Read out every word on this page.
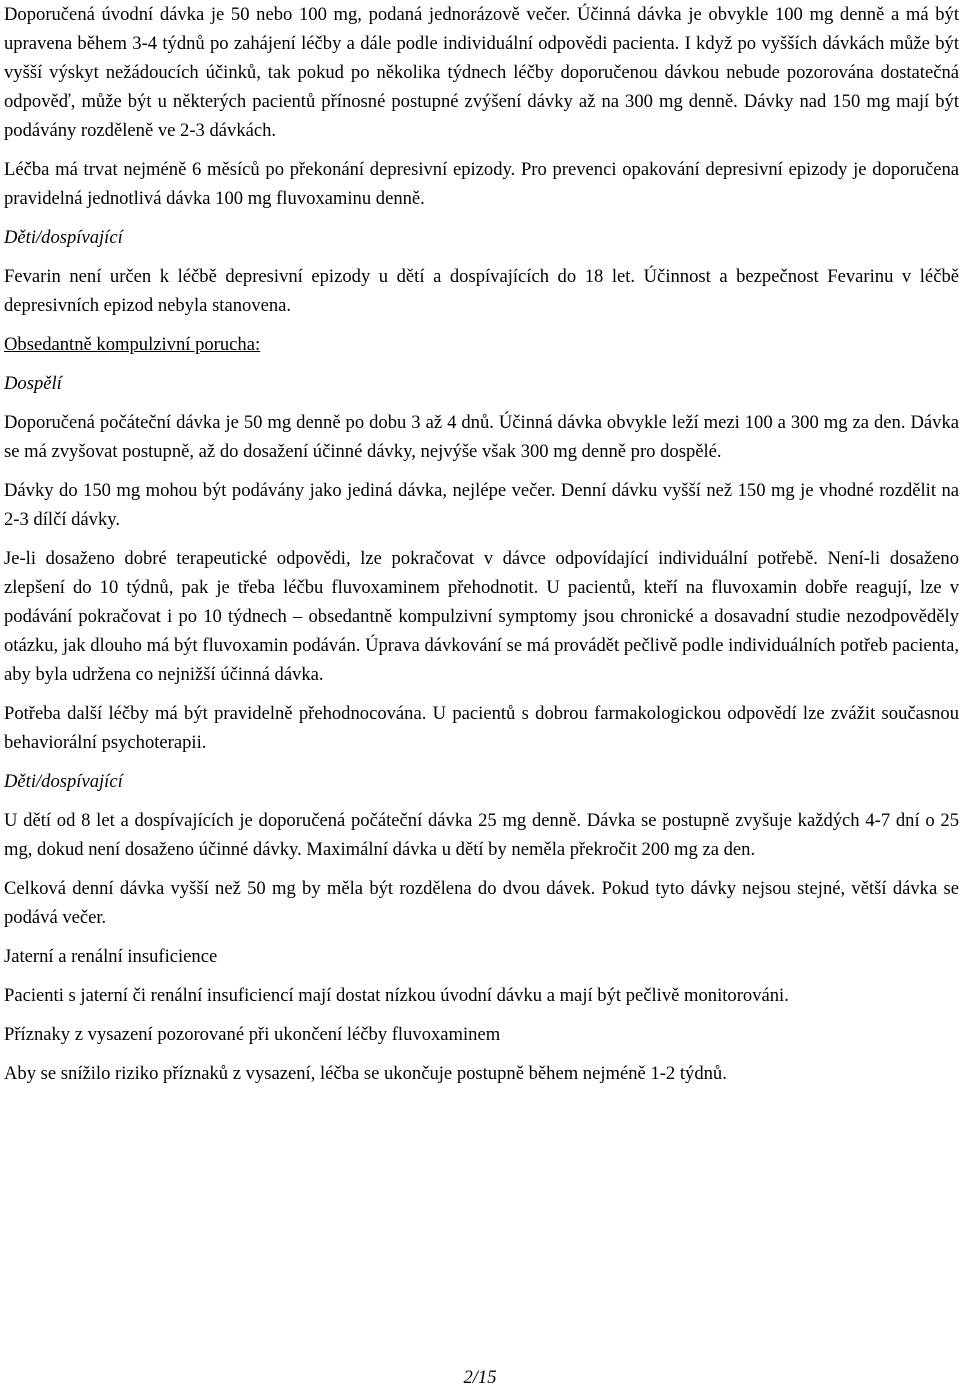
Doporučená úvodní dávka je 50 nebo 100 mg, podaná jednorázově večer. Účinná dávka je obvykle 100 mg denně a má být upravena během 3-4 týdnů po zahájení léčby a dále podle individuální odpovědi pacienta. I když po vyšších dávkách může být vyšší výskyt nežádoucích účinků, tak pokud po několika týdnech léčby doporučenou dávkou nebude pozorována dostatečná odpověď, může být u některých pacientů přínosné postupné zvýšení dávky až na 300 mg denně. Dávky nad 150 mg mají být podávány rozděleně ve 2-3 dávkách.

Léčba má trvat nejméně 6 měsíců po překonání depresivní epizody. Pro prevenci opakování depresivní epizody je doporučena pravidelná jednotlivá dávka 100 mg fluvoxaminu denně.

Děti/dospívající

Fevarin není určen k léčbě depresivní epizody u dětí a dospívajících do 18 let. Účinnost a bezpečnost Fevarinu v léčbě depresivních epizod nebyla stanovena.

Obsedantně kompulzivní porucha:
Dospělí

Doporučená počáteční dávka je 50 mg denně po dobu 3 až 4 dnů. Účinná dávka obvykle leží mezi 100 a 300 mg za den. Dávka se má zvyšovat postupně, až do dosažení účinné dávky, nejvýše však 300 mg denně pro dospělé.

Dávky do 150 mg mohou být podávány jako jediná dávka, nejlépe večer. Denní dávku vyšší než 150 mg je vhodné rozdělit na 2-3 dílčí dávky.

Je-li dosaženo dobré terapeutické odpovědi, lze pokračovat v dávce odpovídající individuální potřebě. Není-li dosaženo zlepšení do 10 týdnů, pak je třeba léčbu fluvoxaminem přehodnotit. U pacientů, kteří na fluvoxamin dobře reagují, lze v podávání pokračovat i po 10 týdnech – obsedantně kompulzivní symptomy jsou chronické a dosavadní studie nezodpověděly otázku, jak dlouho má být fluvoxamin podáván. Úprava dávkování se má provádět pečlivě podle individuálních potřeb pacienta, aby byla udržena co nejnižší účinná dávka.

Potřeba další léčby má být pravidelně přehodnocována. U pacientů s dobrou farmakologickou odpovědí lze zvážit současnou behaviorální psychoterapii.

Děti/dospívající

U dětí od 8 let a dospívajících je doporučená počáteční dávka 25 mg denně. Dávka se postupně zvyšuje každých 4-7 dní o 25 mg, dokud není dosaženo účinné dávky. Maximální dávka u dětí by neměla překročit 200 mg za den.

Celková denní dávka vyšší než 50 mg by měla být rozdělena do dvou dávek. Pokud tyto dávky nejsou stejné, větší dávka se podává večer.

Jaterní a renální insuficience

Pacienti s jaterní či renální insuficiencí mají dostat nízkou úvodní dávku a mají být pečlivě monitorováni.

Příznaky z vysazení pozorované při ukončení léčby fluvoxaminem

Aby se snížilo riziko příznaků z vysazení, léčba se ukončuje postupně během nejméně 1-2 týdnů.

2/15
